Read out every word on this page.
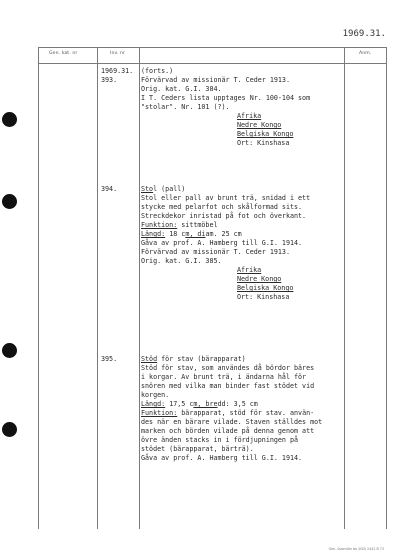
1969.31.
Gen. kat. nr	Inv. nr	Anm.
1969.31.
393.
(forts.)
Förvärvad av missionär T. Ceder 1913.
Orig. kat. G.I. 384.
I T. Ceders lista upptages Nr. 100-104 som
"stolar". Nr. 101 (?).
Afrika
Nedre Kongo
Belgiska Kongo
Ort: Kinshasa
394.	Stol (pall)
Stol eller pall av brunt trä, snidad i ett
stycke med pelarfot och skålformad sits.
Streckdekor inristad på fot och överkant.
Funktion: sittmöbel
Längd: 18 cm, diam. 25 cm
Gåva av prof. A. Hamberg till G.I. 1914.
Förvärvad av missionär T. Ceder 1913.
Orig. kat. G.I. 385.
Afrika
Nedre Kongo
Belgiska Kongo
Ort: Kinshasa
395.	Stöd för stav (bärapparat)
Stöd för stav, som användes då bördor bäres
i korgar. Av brunt trä, i ändarna hål för
snören med vilka man binder fast stödet vid
korgen.
Längd: 17,5 cm, bredd: 3,5 cm
Funktion: bärapparat, stöd för stav. använ-
des när en bärare vilade. Staven ställdes mot
marken och börden vilade på denna genom att
övre änden stacks in i fördjupningen på
stödet (bärapparat, bärträ).
Gåva av prof. A. Hamberg till G.I. 1914.
Gen. 0oom0m ba 2N3/ 2442 B 73
